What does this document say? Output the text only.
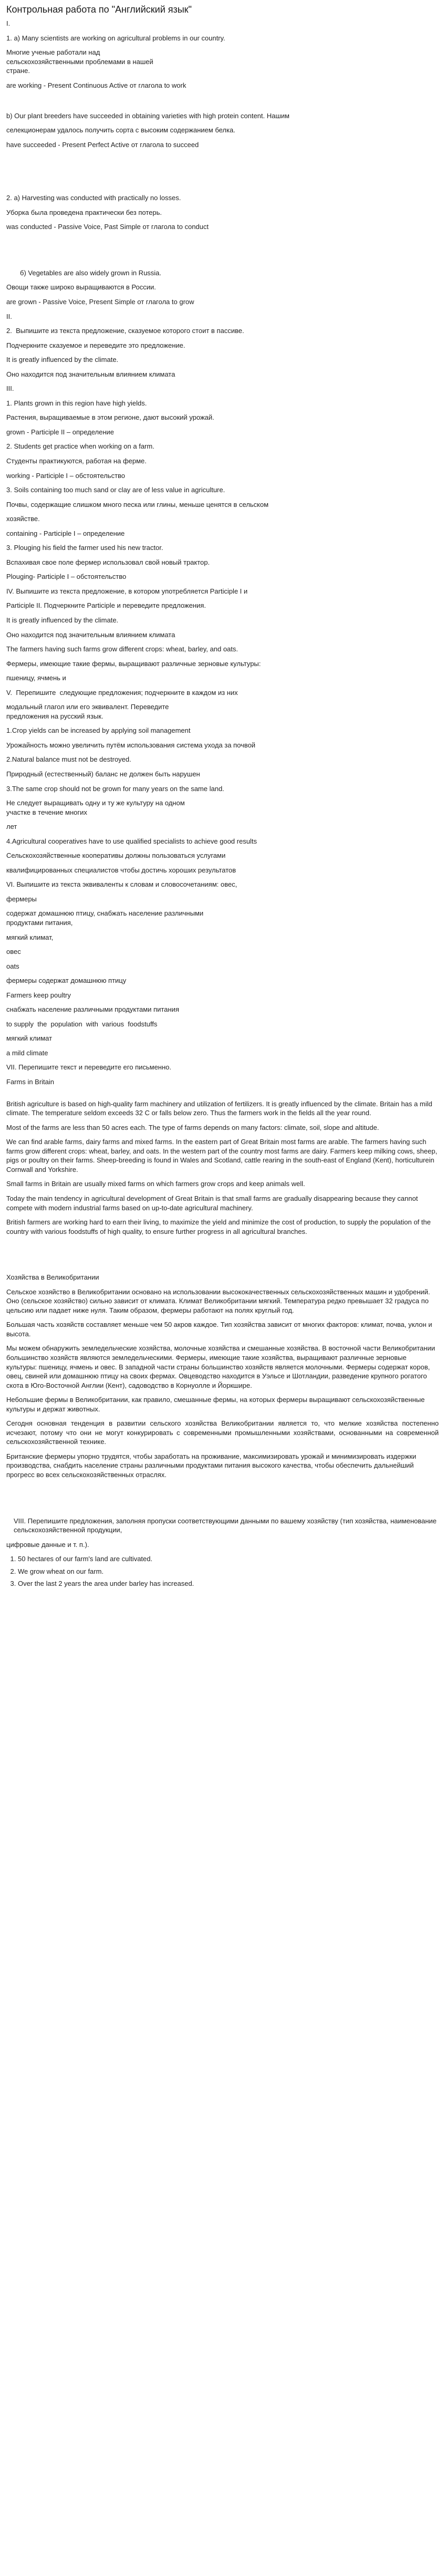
Контрольная работа по "Английский язык"
I.
1. a) Many scientists are working on agricultural problems in our country.
Многие ученые работали над сельскохозяйственными проблемами в нашей стране.
are working - Present Continuous Active от глагола to work
b) Our plant breeders have succeeded in obtaining varieties with high protein content. Нашим
селекционерам удалось получить сорта с высоким содержанием белка.
have succeeded - Present Perfect Active от глагола to succeed
2. a) Harvesting was conducted with practically no losses.
Уборка была проведена практически без потерь.
was conducted - Passive Voice, Past Simple от глагола to conduct
б) Vegetables are also widely grown in Russia.
Овощи также широко выращиваются в России.
are grown - Passive Voice, Present Simple от глагола to grow
II.
2.  Выпишите из текста предложение, сказуемое которого стоит в пассиве.
Подчеркните сказуемое и переведите это предложение.
It is greatly influenced by the climate.
Оно находится под значительным влиянием климата
III.
1. Plants grown in this region have high yields.
Растения, выращиваемые в этом регионе, дают высокий урожай.
grown - Participle II – определение
2. Students get practice when working on a farm.
Студенты практикуются, работая на ферме.
working - Participle I – обстоятельство
3. Soils containing too much sand or clay are of less value in agriculture.
Почвы, содержащие слишком много песка или глины, меньше ценятся в сельском
хозяйстве.
containing - Participle I – определение
3. Plouging his field the farmer used his new tractor.
Вспахивая свое поле фермер использовал свой новый трактор.
Plouging- Participle I – обстоятельство
IV. Выпишите из текста предложение, в котором употребляется Participle I и
Participle II. Подчеркните Participle и переведите предложения.
It is greatly influenced by the climate.
Оно находится под значительным влиянием климата
The farmers having such farms grow different crops: wheat, barley, and oats.
Фермеры, имеющие такие фермы, выращивают различные зерновые культуры:
пшеницу, ячмень и
V.  Перепишите  следующие предложения; подчеркните в каждом из них
модальный глагол или его эквивалент. Переведите
предложения на русский язык.
1.Crop yields can be increased by applying soil management
Урожайность можно увеличить путём использования система ухода за почвой
2.Natural balance must not be destroyed.
Природный (естественный) баланс не должен быть нарушен
3.The same crop should not be grown for many years on the same land.
Не следует выращивать одну и ту же культуру на одном
участке в течение многих
лет
4.Agricultural cooperatives have to use qualified specialists to achieve good results
Сельскохозяйственные кооперативы должны пользоваться услугами
квалифицированных специалистов чтобы достичь хороших результатов
VI. Выпишите из текста эквиваленты к словам и словосочетаниям: овес,
фермеры
содержат домашнюю птицу, снабжать население различными
продуктами питания,
мягкий климат,
овес
oats
фермеры содержат домашнюю птицу
Farmers keep poultry
снабжать население различными продуктами питания
to supply  the  population  with  various  foodstuffs
мягкий климат
a mild climate
VII. Перепишите текст и переведите его письменно.
Farms in Britain
British agriculture is based on high-quality farm machinery and utilization of fertilizers. It is greatly influenced by the climate. Britain has a mild climate. The temperature seldom exceeds 32 C or falls below zero. Thus the farmers work in the fields all the year round.
Most of the farms are less than 50 acres each. The type of farms depends on many factors: climate, soil, slope and altitude.
We can find arable farms, dairy farms and mixed farms. In the eastern part of Great Britain most farms are arable. The farmers having such farms grow different crops: wheat, barley, and oats. In the western part of the country most farms are dairy. Farmers keep milking cows, sheep, pigs or poultry on their farms. Sheep-breeding is found in Wales and Scotland, cattle rearing in the south-east of England (Kent), horticulturein Cornwall and Yorkshire.
Small farms in Britain are usually mixed farms on which farmers grow crops and keep animals well.
Today the main tendency in agricultural development of Great Britain is that small farms are gradually disappearing because they cannot compete with modern industrial farms based on up-to-date agricultural machinery.
British farmers are working hard to earn their living, to maximize the yield and minimize the cost of production, to supply the population of the country with various foodstuffs of high quality, to ensure further progress in all agricultural branches.
Хозяйства в Великобритании
Сельское хозяйство в Великобритании основано на использовании высококачественных сельскохозяйственных машин и удобрений. Оно (сельское хозяйство) сильно зависит от климата. Климат Великобритании мягкий. Температура редко превышает 32 градуса по цельсию или падает ниже нуля. Таким образом, фермеры работают на полях круглый год.
Большая часть хозяйств составляет меньше чем 50 акров каждое. Тип хозяйства зависит от многих факторов: климат, почва, уклон и высота.
Мы можем обнаружить земледельческие хозяйства, молочные хозяйства и смешанные хозяйства. В восточной части Великобритании большинство хозяйств являются земледельческими. Фермеры, имеющие такие хозяйства, выращивают различные зерновые культуры: пшеницу, ячмень и овес. В западной части страны большинство хозяйств является молочными. Фермеры содержат коров, овец, свиней или домашнюю птицу на своих фермах. Овцеводство находится в Уэльсе и Шотландии, разведение крупного рогатого скота в Юго-Восточной Англии (Кент), садоводство в Корнуолле и Йоркшире.
Небольшие фермы в Великобритании, как правило, смешанные фермы, на которых фермеры выращивают сельскохозяйственные культуры и держат животных.
Сегодня основная тенденция в развитии сельского хозяйства Великобритании является то, что мелкие хозяйства постепенно исчезают, потому что они не могут конкурировать с современными промышленными хозяйствами, основанными на современной сельскохозяйственной технике.
Британские фермеры упорно трудятся, чтобы заработать на проживание, максимизировать урожай и минимизировать издержки производства, снабдить население страны различными продуктами питания высокого качества, чтобы обеспечить дальнейший прогресс во всех сельскохозяйственных отраслях.
VIII. Перепишите предложения, заполняя пропуски соответствующими данными по вашему хозяйству (тип хозяйства, наименование сельскохозяйственной продукции,
цифровые данные и т. п.).
1. 50 hectares of our farm's land are cultivated.
2. We grow wheat on our farm.
3. Over the last 2 years the area under barley has increased.
